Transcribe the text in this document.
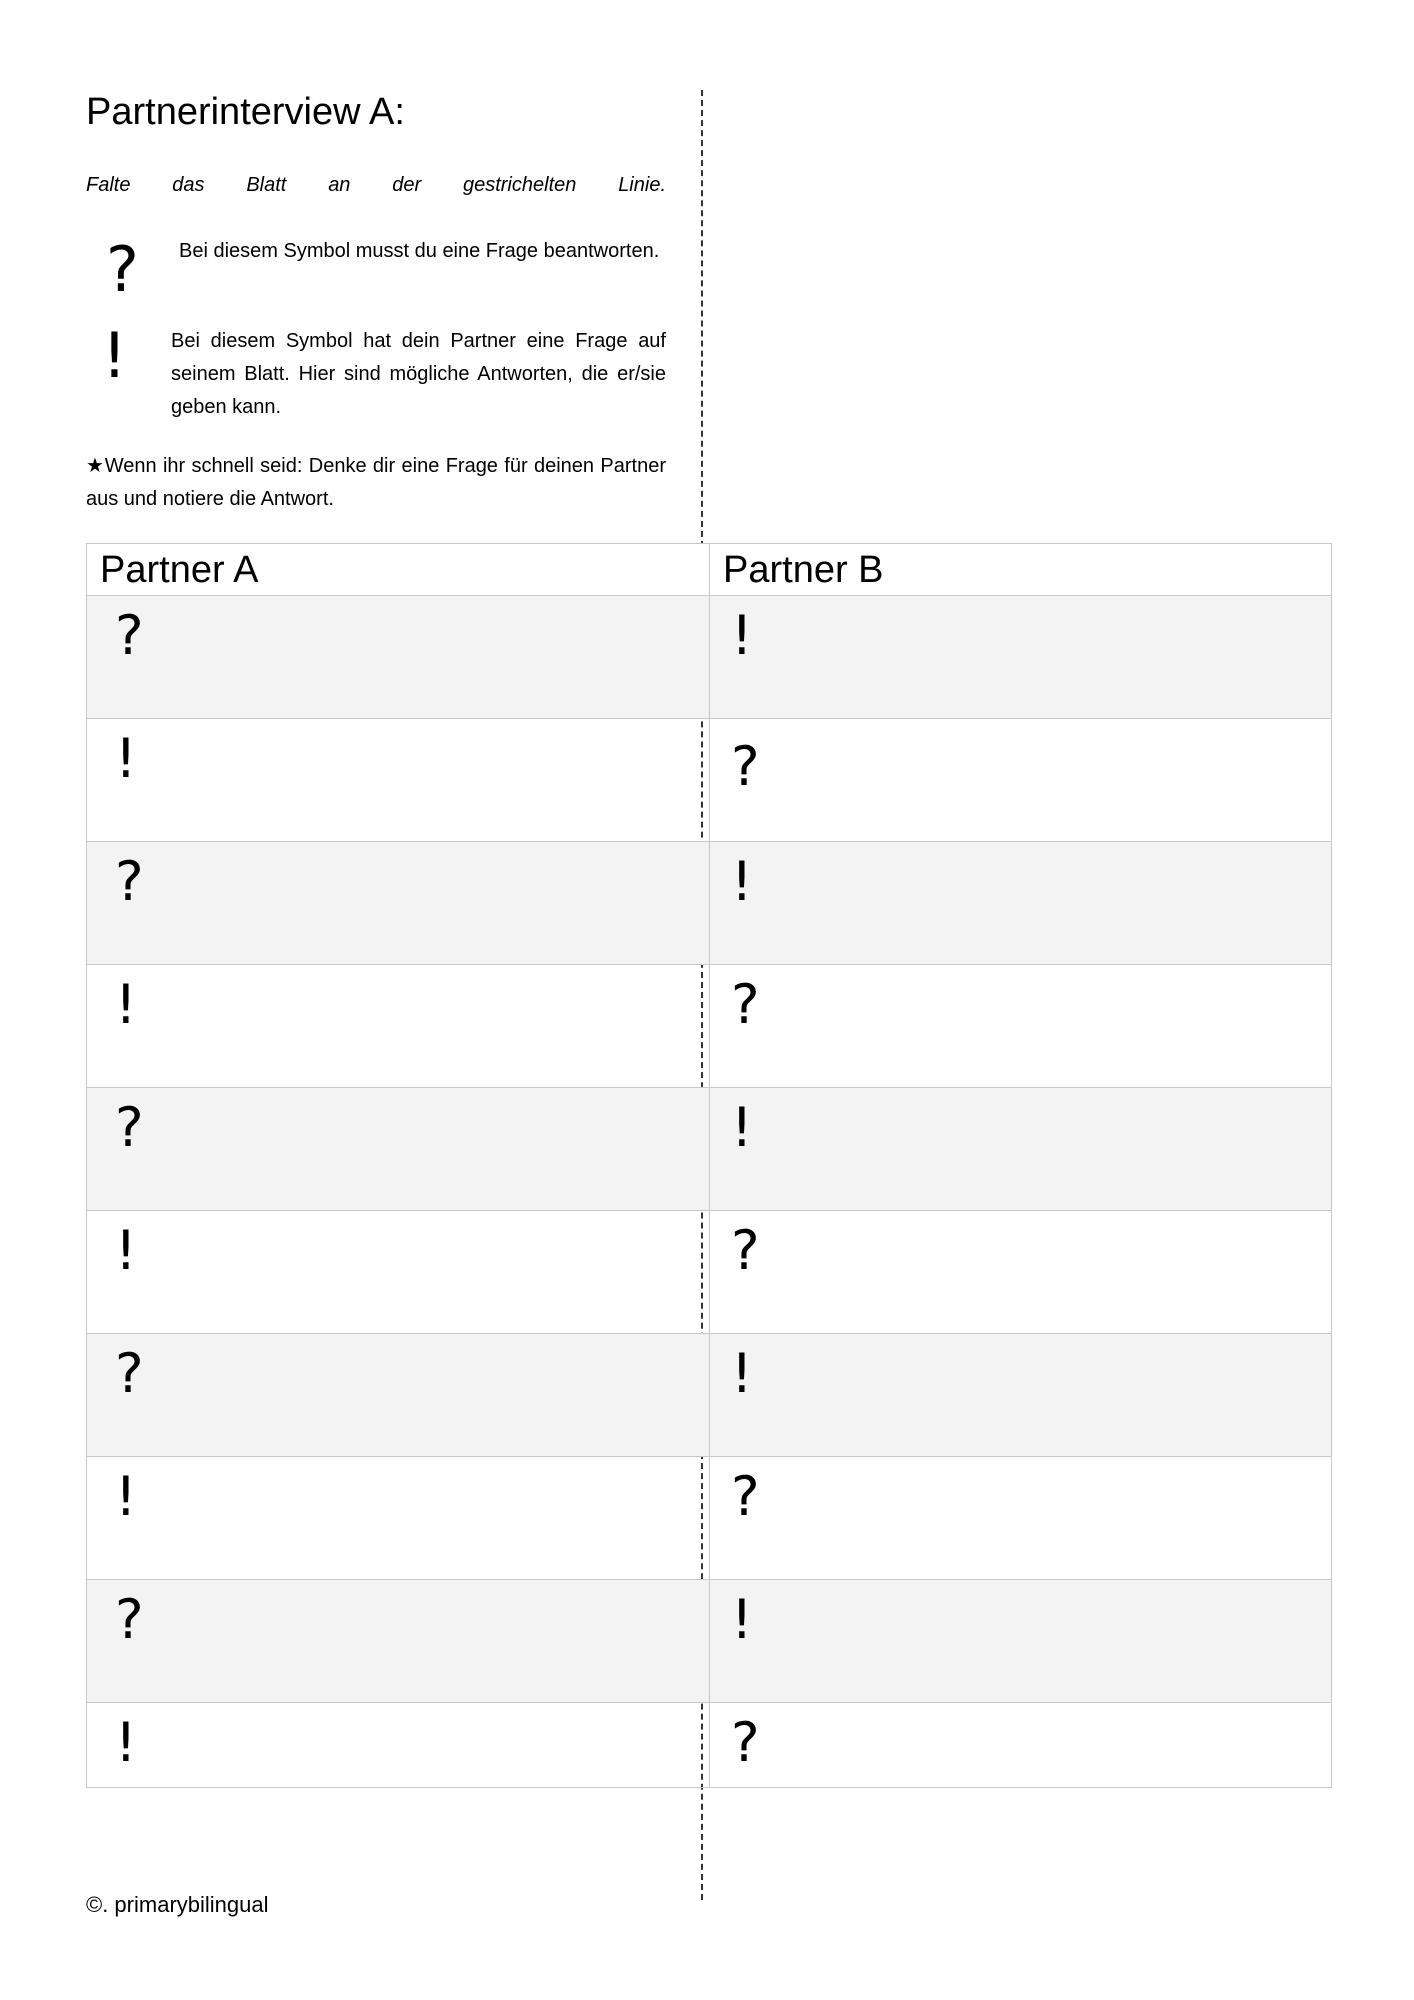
Partnerinterview A:
Falte das Blatt an der gestrichelten Linie.
? Bei diesem Symbol musst du eine Frage beantworten.
! Bei diesem Symbol hat dein Partner eine Frage auf seinem Blatt. Hier sind mögliche Antworten, die er/sie geben kann.
★Wenn ihr schnell seid: Denke dir eine Frage für deinen Partner aus und notiere die Antwort.
Partner A	Partner B
?	!
!	?
?	!
!	?
?	!
!	?
?	!
!	?
?	!
!	?
©. primarybilingual
